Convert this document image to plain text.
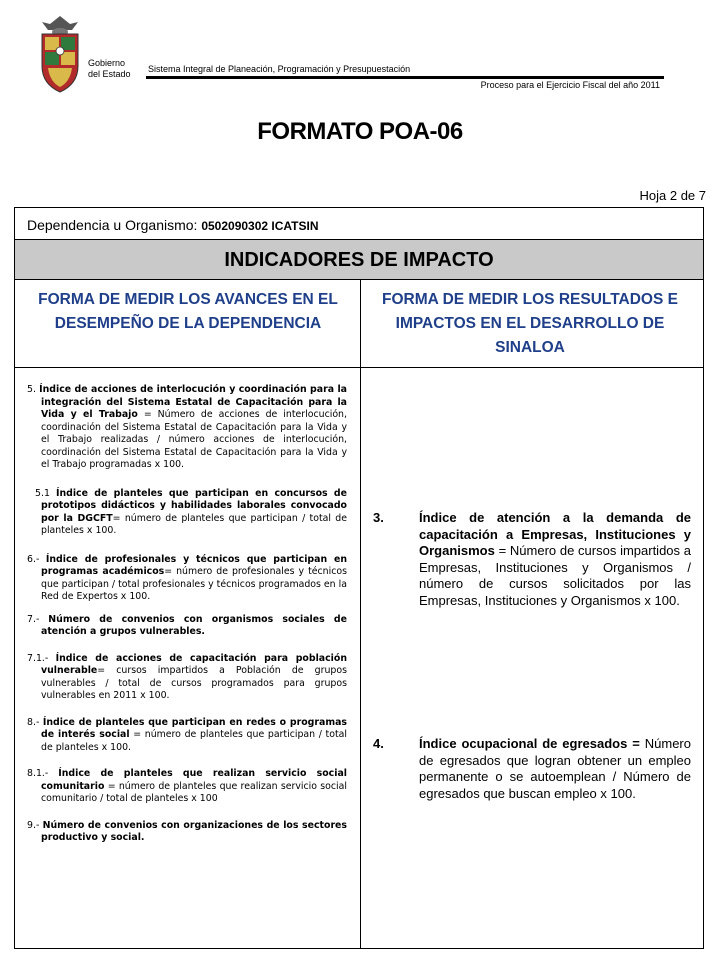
Gobierno
del Estado Sistema Integral de Planeación, Programación y Presupuestación
Proceso para el Ejercicio Fiscal del año 2011
FORMATO POA-06
Hoja 2 de 7
Dependencia u Organismo: 0502090302 ICATSIN
INDICADORES DE IMPACTO
FORMA DE MEDIR LOS AVANCES EN EL DESEMPEÑO DE LA DEPENDENCIA
FORMA DE MEDIR LOS RESULTADOS E IMPACTOS EN EL DESARROLLO DE SINALOA
5. Índice de acciones de interlocución y coordinación para la integración del Sistema Estatal de Capacitación para la Vida y el Trabajo = Número de acciones de interlocución, coordinación del Sistema Estatal de Capacitación para la Vida y el Trabajo realizadas / número acciones de interlocución, coordinación del Sistema Estatal de Capacitación para la Vida y el Trabajo programadas x 100.
5.1 Índice de planteles que participan en concursos de prototipos didácticos y habilidades laborales convocado por la DGCFT= número de planteles que participan / total de planteles x 100.
6.- Índice de profesionales y técnicos que participan en programas académicos= número de profesionales y técnicos que participan / total profesionales y técnicos programados en la Red de Expertos x 100.
7.- Número de convenios con organismos sociales de atención a grupos vulnerables.
7.1.- Índice de acciones de capacitación para población vulnerable= cursos impartidos a Población de grupos vulnerables / total de cursos programados para grupos vulnerables en 2011 x 100.
8.- Índice de planteles que participan en redes o programas de interés social = número de planteles que participan / total de planteles x 100.
8.1.- Índice de planteles que realizan servicio social comunitario = número de planteles que realizan servicio social comunitario / total de planteles x 100
9.- Número de convenios con organizaciones de los sectores productivo y social.
3.	Índice de atención a la demanda de capacitación a Empresas, Instituciones y Organismos = Número de cursos impartidos a Empresas, Instituciones y Organismos / número de cursos solicitados por las Empresas, Instituciones y Organismos x 100.
4.	Índice ocupacional de egresados = Número de egresados que logran obtener un empleo permanente o se autoemplean / Número de egresados que buscan empleo x 100.
